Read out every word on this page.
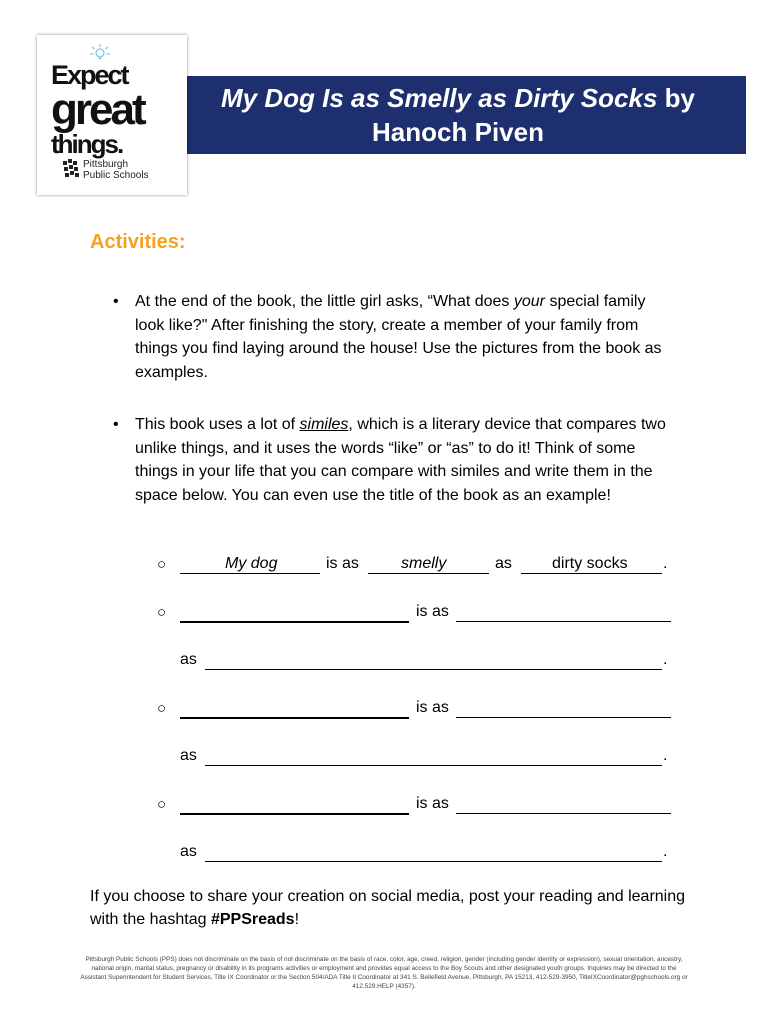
My Dog Is as Smelly as Dirty Socks by Hanoch Piven
Expect
great
things.
Pittsburgh
Public Schools
Activities:
• At the end of the book, the little girl asks, “What does your special family look like?" After finishing the story, create a member of your family from things you find laying around the house! Use the pictures from the book as examples.
• This book uses a lot of similes, which is a literary device that compares two unlike things, and it uses the words “like” or “as” to do it! Think of some things in your life that you can compare with similes and write them in the space below. You can even use the title of the book as an example!
○	My dog	is as	smelly	as	dirty socks .
○	is as
as	.
○	is as
as	.
○	is as
as	.
If you choose to share your creation on social media, post your reading and learning with the hashtag #PPSreads!
Pittsburgh Public Schools (PPS) does not discriminate on the basis of not discriminate on the basis of race, color, age, creed, religion, gender (including gender identity or expression), sexual orientation, ancestry, national origin, marital status, pregnancy or disability in its programs activities or employment and provides equal access to the Boy Scouts and other designated youth groups. Inquiries may be directed to the Assistant Superintendent for Student Services, Title IX Coordinator or the Section 504/ADA Title II Coordinator at 341 S. Bellefield Avenue, Pittsburgh, PA 15213, 412-529-3950, TitleIXCoordinator@pghschools.org or 412.529.HELP (4357).
